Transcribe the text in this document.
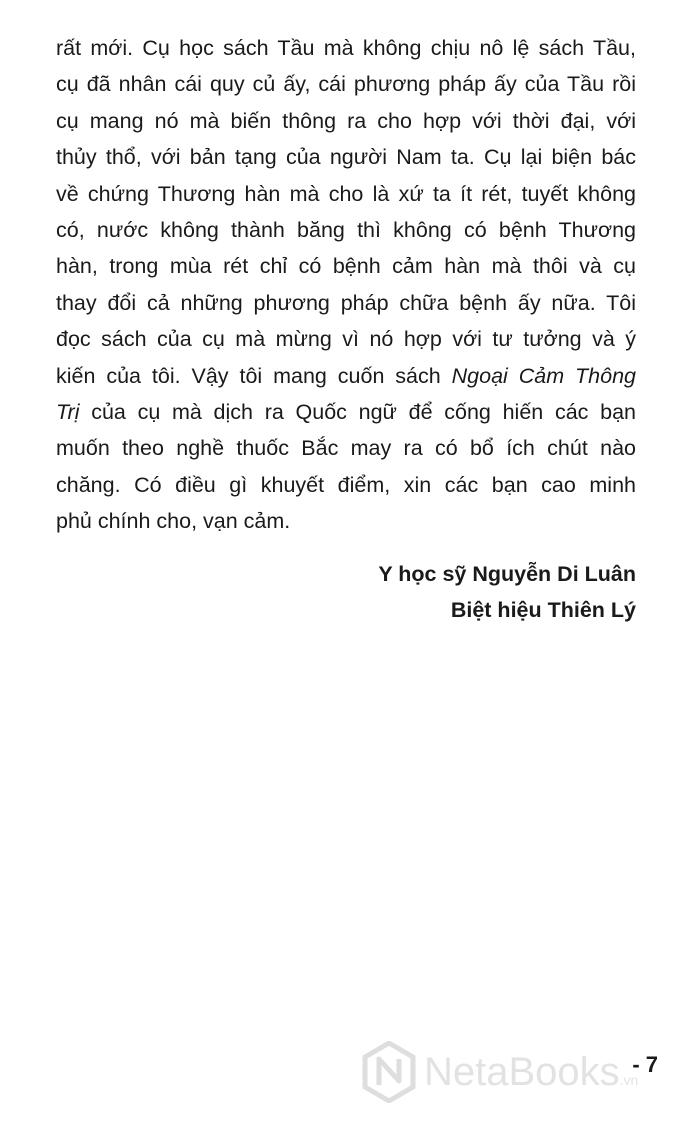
rất mới. Cụ học sách Tầu mà không chịu nô lệ sách Tầu,
cụ đã nhân cái quy củ ấy, cái phương pháp ấy của Tầu rồi
cụ mang nó mà biến thông ra cho hợp với thời đại, với
thủy thổ, với bản tạng của người Nam ta. Cụ lại biện bác
về chứng Thương hàn mà cho là xứ ta ít rét, tuyết không
có, nước không thành băng thì không có bệnh Thương
hàn, trong mùa rét chỉ có bệnh cảm hàn mà thôi và cụ
thay đổi cả những phương pháp chữa bệnh ấy nữa. Tôi
đọc sách của cụ mà mừng vì nó hợp với tư tưởng và ý
kiến của tôi. Vậy tôi mang cuốn sách Ngoại Cảm Thông
Trị của cụ mà dịch ra Quốc ngữ để cống hiến các bạn
muốn theo nghề thuốc Bắc may ra có bổ ích chút nào
chăng. Có điều gì khuyết điểm, xin các bạn cao minh
phủ chính cho, vạn cảm.
Y học sỹ Nguyễn Di Luân
Biệt hiệu Thiên Lý
NetaBooks.vn
- 7
